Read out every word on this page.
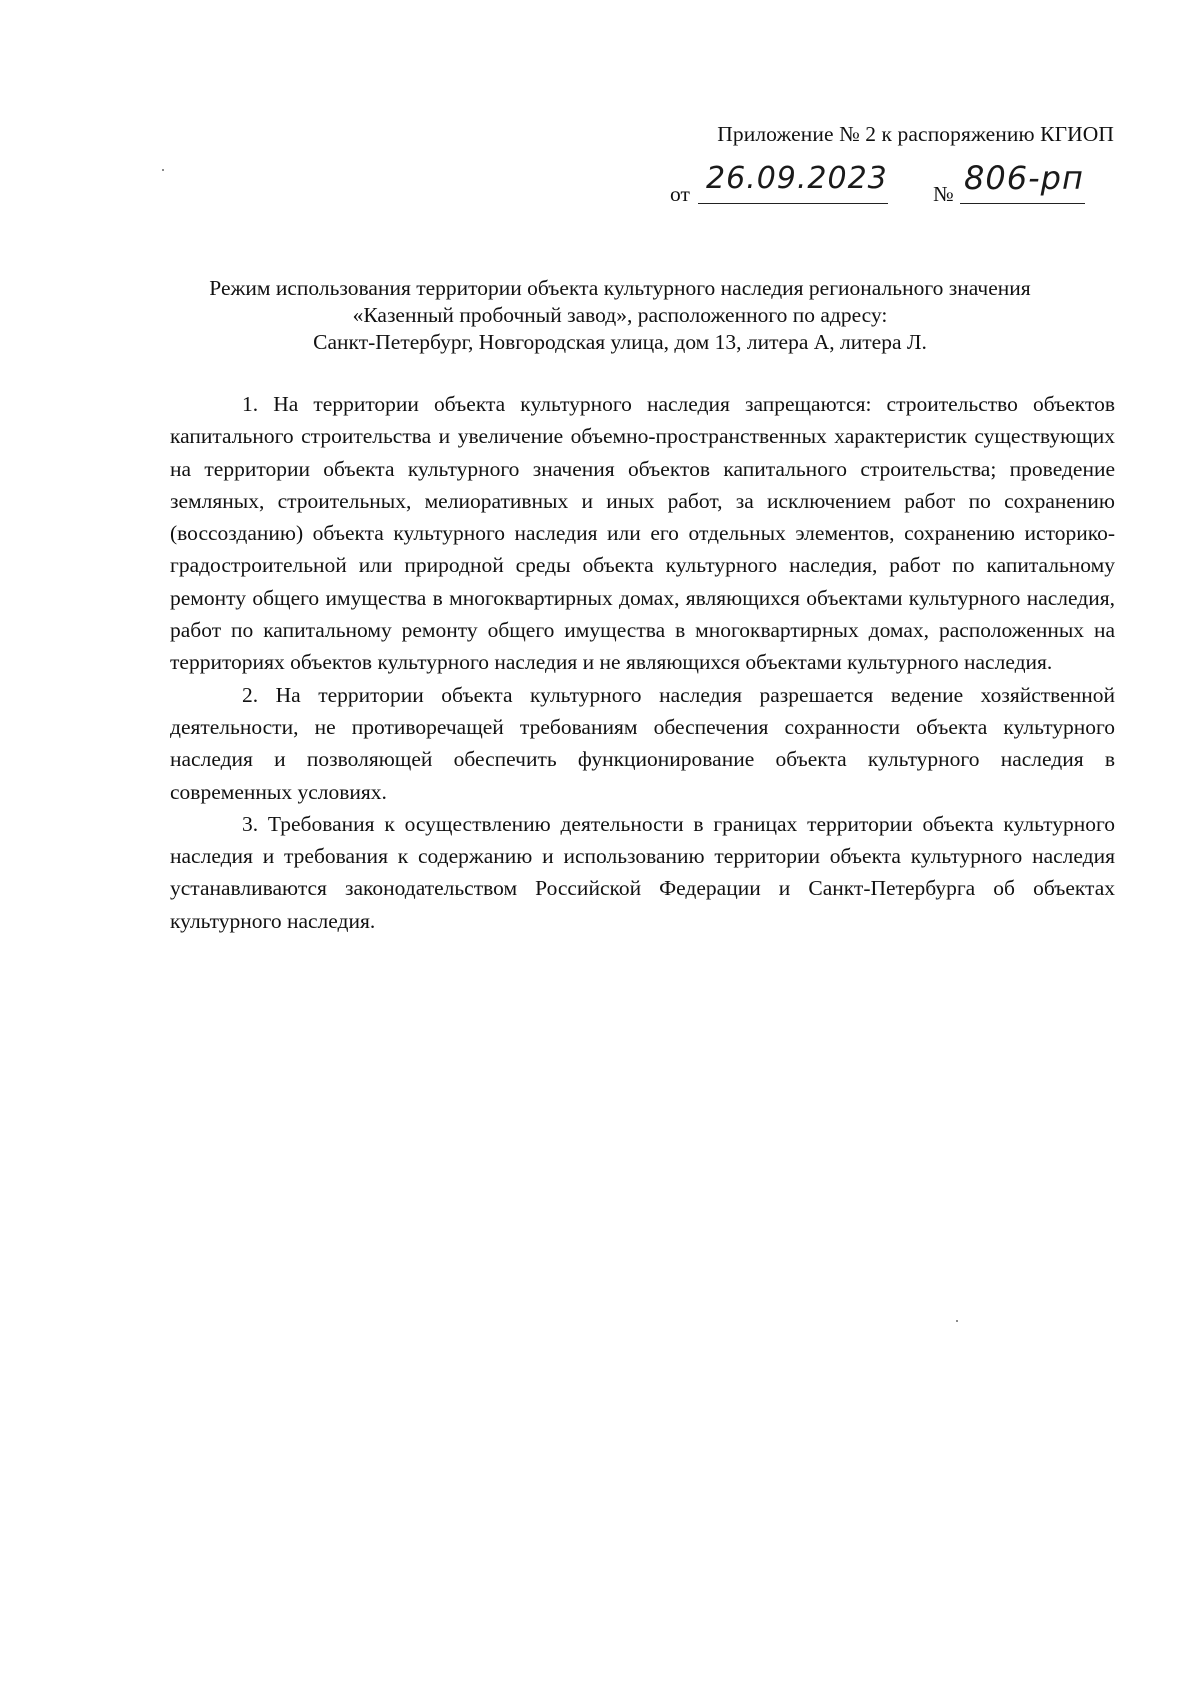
Приложение № 2 к распоряжению КГИОП
от 26.09.2023 № 806-рп
Режим использования территории объекта культурного наследия регионального значения
«Казенный пробочный завод», расположенного по адресу:
Санкт-Петербург, Новгородская улица, дом 13, литера А, литера Л.

1. На территории объекта культурного наследия запрещаются: строительство объектов капитального строительства и увеличение объемно-пространственных характеристик существующих на территории объекта культурного значения объектов капитального строительства; проведение земляных, строительных, мелиоративных и иных работ, за исключением работ по сохранению (воссозданию) объекта культурного наследия или его отдельных элементов, сохранению историко-градостроительной или природной среды объекта культурного наследия, работ по капитальному ремонту общего имущества в многоквартирных домах, являющихся объектами культурного наследия, работ по капитальному ремонту общего имущества в многоквартирных домах, расположенных на территориях объектов культурного наследия и не являющихся объектами культурного наследия.

2. На территории объекта культурного наследия разрешается ведение хозяйственной деятельности, не противоречащей требованиям обеспечения сохранности объекта культурного наследия и позволяющей обеспечить функционирование объекта культурного наследия в современных условиях.

3. Требования к осуществлению деятельности в границах территории объекта культурного наследия и требования к содержанию и использованию территории объекта культурного наследия устанавливаются законодательством Российской Федерации и Санкт-Петербурга об объектах культурного наследия.
